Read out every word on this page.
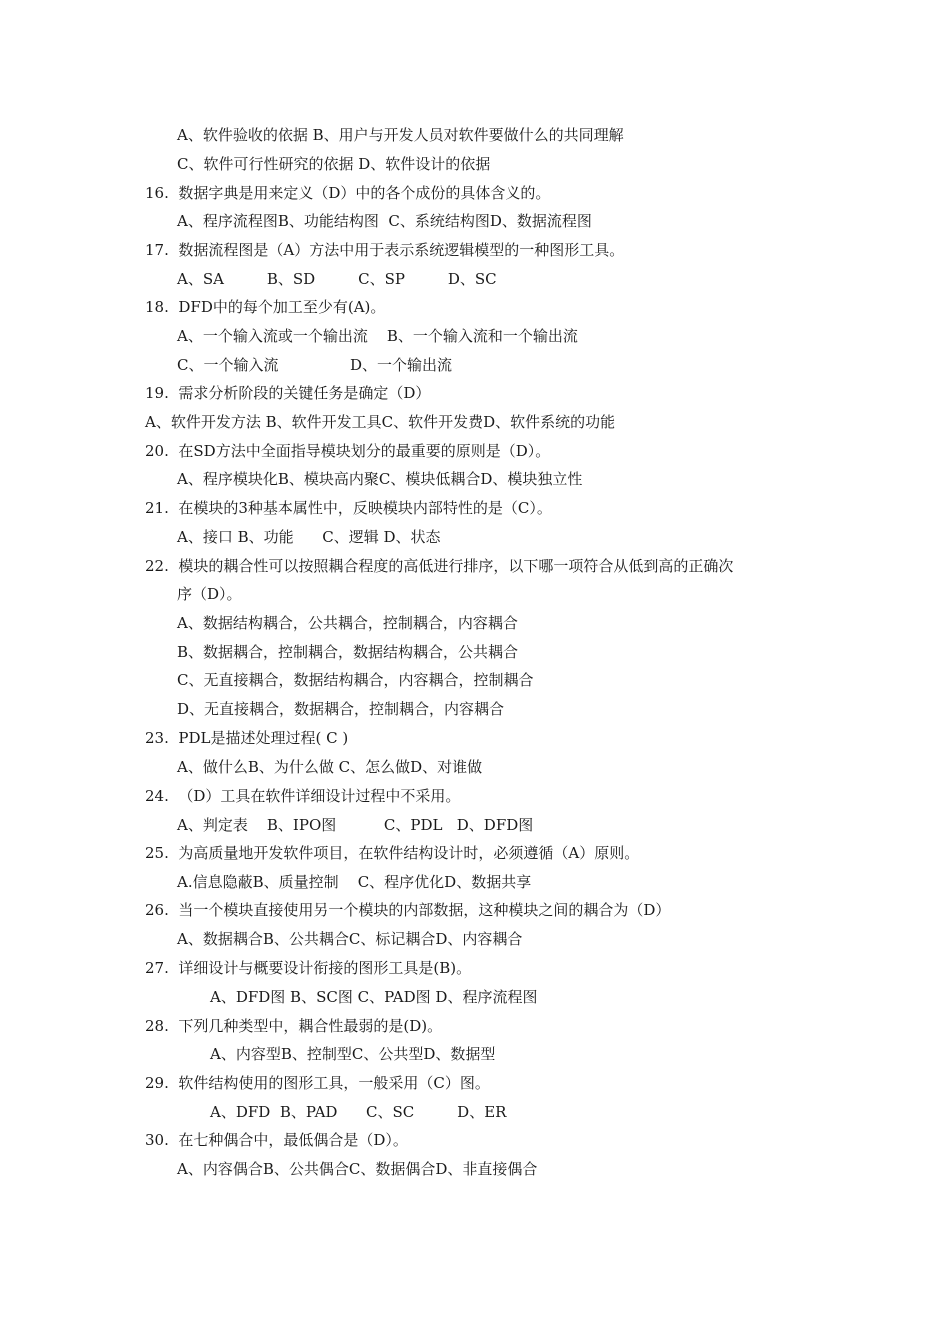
A、软件验收的依据 B、用户与开发人员对软件要做什么的共同理解
C、软件可行性研究的依据 D、软件设计的依据
16.  数据字典是用来定义（D）中的各个成份的具体含义的。
A、程序流程图B、功能结构图  C、系统结构图D、数据流程图
17.  数据流程图是（A）方法中用于表示系统逻辑模型的一种图形工具。
A、SA         B、SD         C、SP         D、SC
18.  DFD中的每个加工至少有(A)。
A、一个输入流或一个输出流    B、一个输入流和一个输出流
C、一个输入流               D、一个输出流
19.  需求分析阶段的关键任务是确定（D）
A、软件开发方法 B、软件开发工具C、软件开发费D、软件系统的功能
20.  在SD方法中全面指导模块划分的最重要的原则是（D）。
A、程序模块化B、模块高内聚C、模块低耦合D、模块独立性
21.  在模块的3种基本属性中，反映模块内部特性的是（C）。
A、接口 B、功能      C、逻辑 D、状态
22.  模块的耦合性可以按照耦合程度的高低进行排序，以下哪一项符合从低到高的正确次
序（D）。
A、数据结构耦合，公共耦合，控制耦合，内容耦合
B、数据耦合，控制耦合，数据结构耦合，公共耦合
C、无直接耦合，数据结构耦合，内容耦合，控制耦合
D、无直接耦合，数据耦合，控制耦合，内容耦合
23.  PDL是描述处理过程( C )
A、做什么B、为什么做 C、怎么做D、对谁做
24.  （D）工具在软件详细设计过程中不采用。
A、判定表    B、IPO图          C、PDL   D、DFD图
25.  为高质量地开发软件项目，在软件结构设计时，必须遵循（A）原则。
A.信息隐蔽B、质量控制    C、程序优化D、数据共享
26.  当一个模块直接使用另一个模块的内部数据，这种模块之间的耦合为（D）
A、数据耦合B、公共耦合C、标记耦合D、内容耦合
27.  详细设计与概要设计衔接的图形工具是(B)。
A、DFD图 B、SC图 C、PAD图 D、程序流程图
28.  下列几种类型中，耦合性最弱的是(D)。
A、内容型B、控制型C、公共型D、数据型
29.  软件结构使用的图形工具，一般采用（C）图。
A、DFD  B、PAD      C、SC         D、ER
30.  在七种偶合中，最低偶合是（D）。
A、内容偶合B、公共偶合C、数据偶合D、非直接偶合
